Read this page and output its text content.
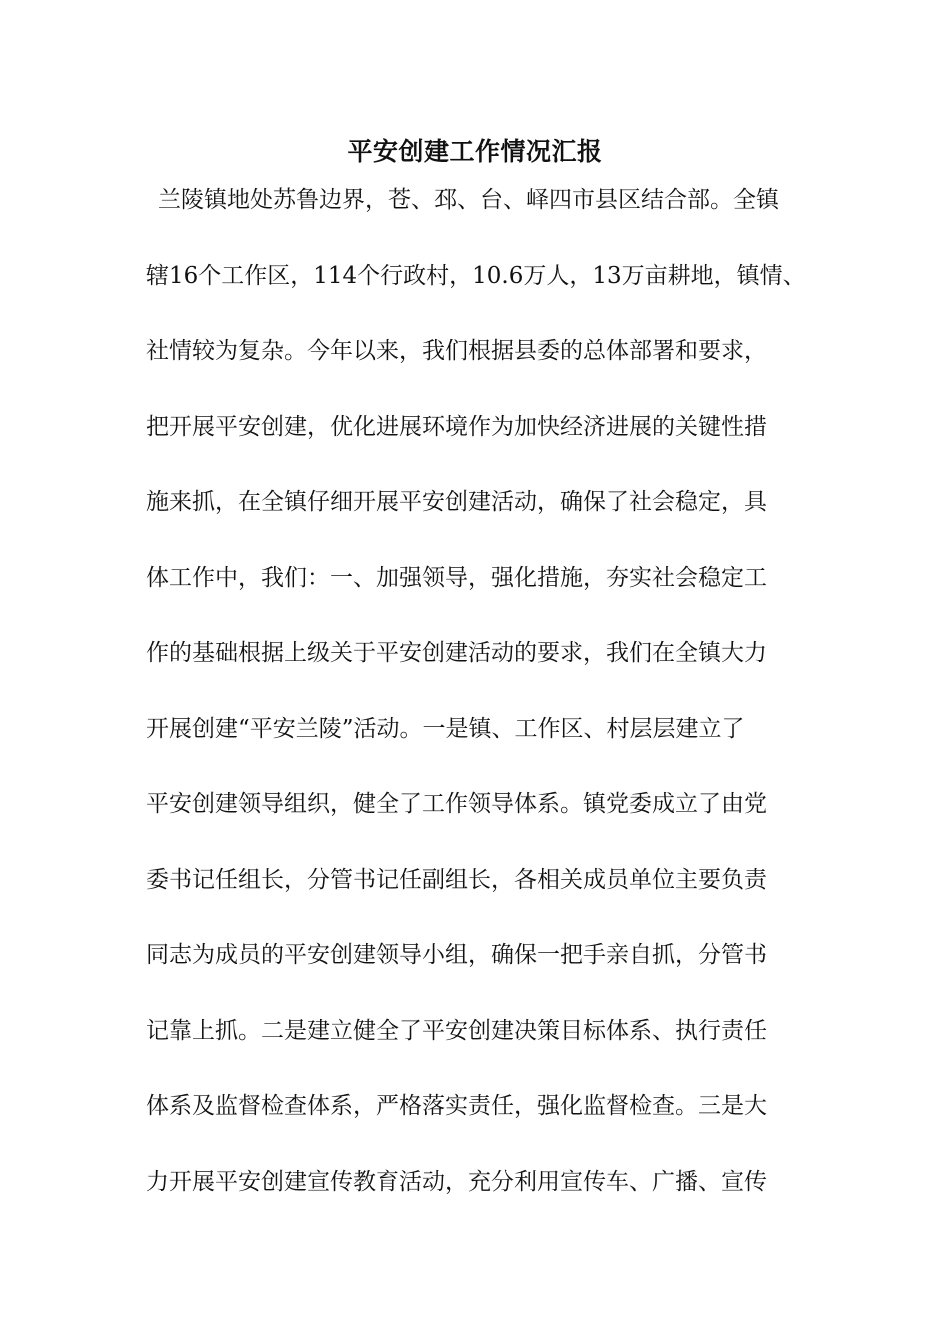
平安创建工作情况汇报
兰陵镇地处苏鲁边界，苍、邳、台、峄四市县区结合部。全镇
辖16个工作区，114个行政村，10.6万人，13万亩耕地，镇情、
社情较为复杂。今年以来，我们根据县委的总体部署和要求，
把开展平安创建，优化进展环境作为加快经济进展的关键性措
施来抓，在全镇仔细开展平安创建活动，确保了社会稳定，具
体工作中，我们：一、加强领导，强化措施，夯实社会稳定工
作的基础根据上级关于平安创建活动的要求，我们在全镇大力
开展创建“平安兰陵”活动。一是镇、工作区、村层层建立了
平安创建领导组织，健全了工作领导体系。镇党委成立了由党
委书记任组长，分管书记任副组长，各相关成员单位主要负责
同志为成员的平安创建领导小组，确保一把手亲自抓，分管书
记靠上抓。二是建立健全了平安创建决策目标体系、执行责任
体系及监督检查体系，严格落实责任，强化监督检查。三是大
力开展平安创建宣传教育活动，充分利用宣传车、广播、宣传
